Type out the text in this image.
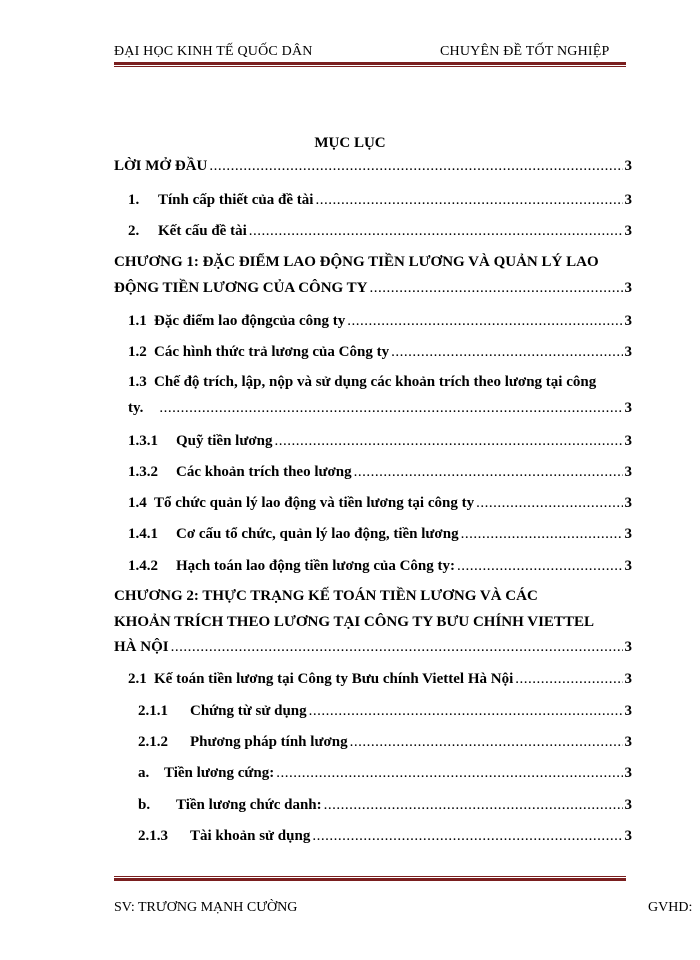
ĐẠI HỌC KINH TẾ QUỐC DÂN	CHUYÊN ĐỀ TỐT NGHIỆP
MỤC LỤC
LỜI MỞ ĐẦU .....	3
1.	Tính cấp thiết của đề tài .....	3
2.	Kết cấu đề tài .....	3
CHƯƠNG 1: ĐẶC ĐIỂM LAO ĐỘNG TIỀN LƯƠNG VÀ QUẢN LÝ LAO
ĐỘNG TIỀN LƯƠNG CỦA CÔNG TY .....	3
1.1 Đặc điểm lao độngcủa công ty .....	3
1.2 Các hình thức trả lương của Công ty .....	3
1.3 Chế độ trích, lập, nộp và sử dụng các khoản trích theo lương tại công
ty. .....	3
1.3.1	Quỹ tiền lương .....	3
1.3.2	Các khoản trích theo lương .....	3
1.4 Tổ chức quản lý lao động và tiền lương tại công ty .....	3
1.4.1	Cơ cấu tổ chức, quản lý lao động, tiền lương .....	3
1.4.2	Hạch toán lao động tiền lương của Công ty: .....	3
CHƯƠNG 2: THỰC TRẠNG KẾ TOÁN TIỀN LƯƠNG VÀ CÁC
KHOẢN TRÍCH THEO LƯƠNG TẠI CÔNG TY BƯU CHÍNH VIETTEL
HÀ NỘI .....	3
2.1 Kế toán tiền lương tại Công ty Bưu chính Viettel Hà Nội .....	3
2.1.1	Chứng từ sử dụng .....	3
2.1.2	Phương pháp tính lương .....	3
a. Tiền lương cứng: .....	3
b.	Tiền lương chức danh: .....	3
2.1.3	Tài khoản sử dụng .....	3
SV: TRƯƠNG MẠNH CƯỜNG	GVHD:
